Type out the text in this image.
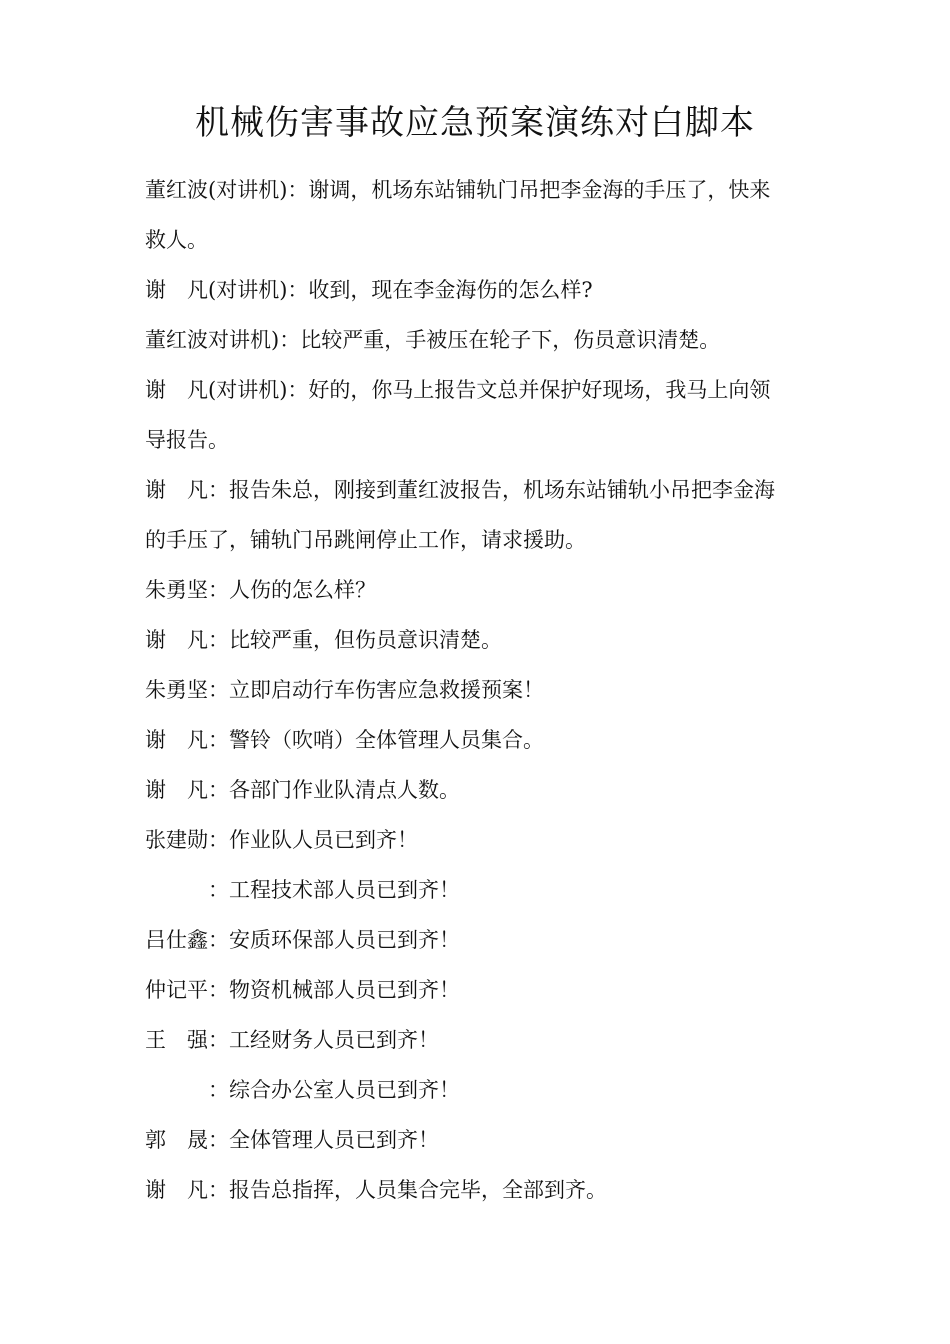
机械伤害事故应急预案演练对白脚本
董红波(对讲机)：谢调，机场东站铺轨门吊把李金海的手压了，快来
救人。
谢　凡(对讲机)：收到，现在李金海伤的怎么样?
董红波对讲机)：比较严重，手被压在轮子下，伤员意识清楚。
谢　凡(对讲机)：好的，你马上报告文总并保护好现场，我马上向领
导报告。
谢　凡：报告朱总，刚接到董红波报告，机场东站铺轨小吊把李金海
的手压了，铺轨门吊跳闸停止工作，请求援助。
朱勇坚：人伤的怎么样？
谢　凡：比较严重，但伤员意识清楚。
朱勇坚：立即启动行车伤害应急救援预案！
谢　凡：警铃（吹哨）全体管理人员集合。
谢　凡：各部门作业队清点人数。
张建勋：作业队人员已到齐！
　　　：工程技术部人员已到齐！
吕仕鑫：安质环保部人员已到齐！
仲记平：物资机械部人员已到齐！
王　强：工经财务人员已到齐！
　　　：综合办公室人员已到齐！
郭　晟：全体管理人员已到齐！
谢　凡：报告总指挥，人员集合完毕，全部到齐。
